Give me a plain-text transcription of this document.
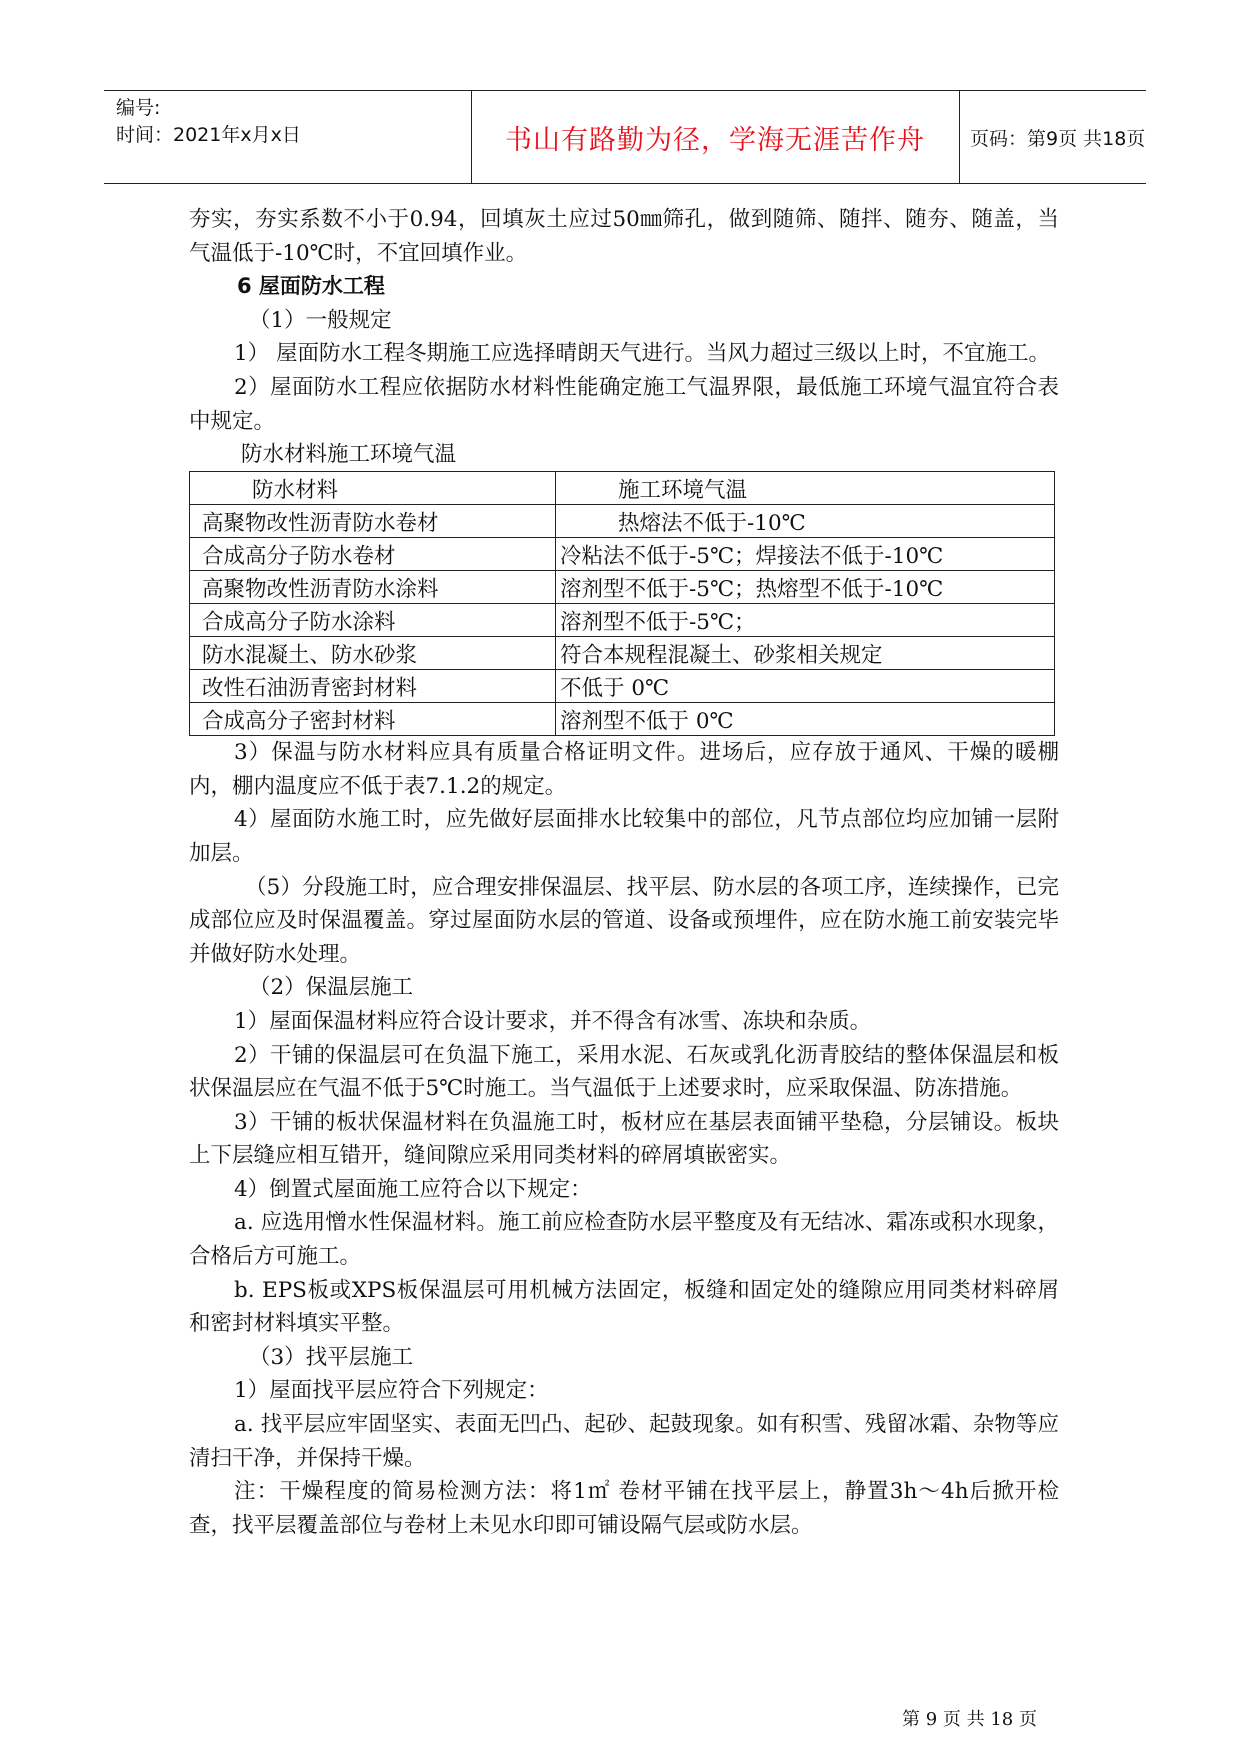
编号:
时间：2021年x月x日	书山有路勤为径，学海无涯苦作舟	页码：第9页 共18页

夯实，夯实系数不小于0.94，回填灰土应过50㎜筛孔，做到随筛、随拌、随夯、随盖，当气温低于-10℃时，不宜回填作业。

6 屋面防水工程

（1）一般规定

1） 屋面防水工程冬期施工应选择晴朗天气进行。当风力超过三级以上时，不宜施工。

2）屋面防水工程应依据防水材料性能确定施工气温界限，最低施工环境气温宜符合表中规定。

防水材料施工环境气温

防水材料	施工环境气温
高聚物改性沥青防水卷材	热熔法不低于-10℃
合成高分子防水卷材	冷粘法不低于-5℃；焊接法不低于-10℃
高聚物改性沥青防水涂料	溶剂型不低于-5℃；热熔型不低于-10℃
合成高分子防水涂料	溶剂型不低于-5℃；
防水混凝土、防水砂浆	符合本规程混凝土、砂浆相关规定
改性石油沥青密封材料	不低于 0℃
合成高分子密封材料	溶剂型不低于 0℃

3）保温与防水材料应具有质量合格证明文件。进场后，应存放于通风、干燥的暖棚内，棚内温度应不低于表7.1.2的规定。

4）屋面防水施工时，应先做好层面排水比较集中的部位，凡节点部位均应加铺一层附加层。

（5）分段施工时，应合理安排保温层、找平层、防水层的各项工序，连续操作，已完成部位应及时保温覆盖。穿过屋面防水层的管道、设备或预埋件，应在防水施工前安装完毕并做好防水处理。

（2）保温层施工

1）屋面保温材料应符合设计要求，并不得含有冰雪、冻块和杂质。

2）干铺的保温层可在负温下施工，采用水泥、石灰或乳化沥青胶结的整体保温层和板状保温层应在气温不低于5℃时施工。当气温低于上述要求时，应采取保温、防冻措施。

3）干铺的板状保温材料在负温施工时，板材应在基层表面铺平垫稳，分层铺设。板块上下层缝应相互错开，缝间隙应采用同类材料的碎屑填嵌密实。

4）倒置式屋面施工应符合以下规定：

a. 应选用憎水性保温材料。施工前应检查防水层平整度及有无结冰、霜冻或积水现象，合格后方可施工。

b. EPS板或XPS板保温层可用机械方法固定，板缝和固定处的缝隙应用同类材料碎屑和密封材料填实平整。

（3）找平层施工

1）屋面找平层应符合下列规定：

a. 找平层应牢固坚实、表面无凹凸、起砂、起鼓现象。如有积雪、残留冰霜、杂物等应清扫干净，并保持干燥。

注：干燥程度的简易检测方法：将1㎡ 卷材平铺在找平层上，静置3h～4h后掀开检查，找平层覆盖部位与卷材上未见水印即可铺设隔气层或防水层。

第 9 页 共 18 页
